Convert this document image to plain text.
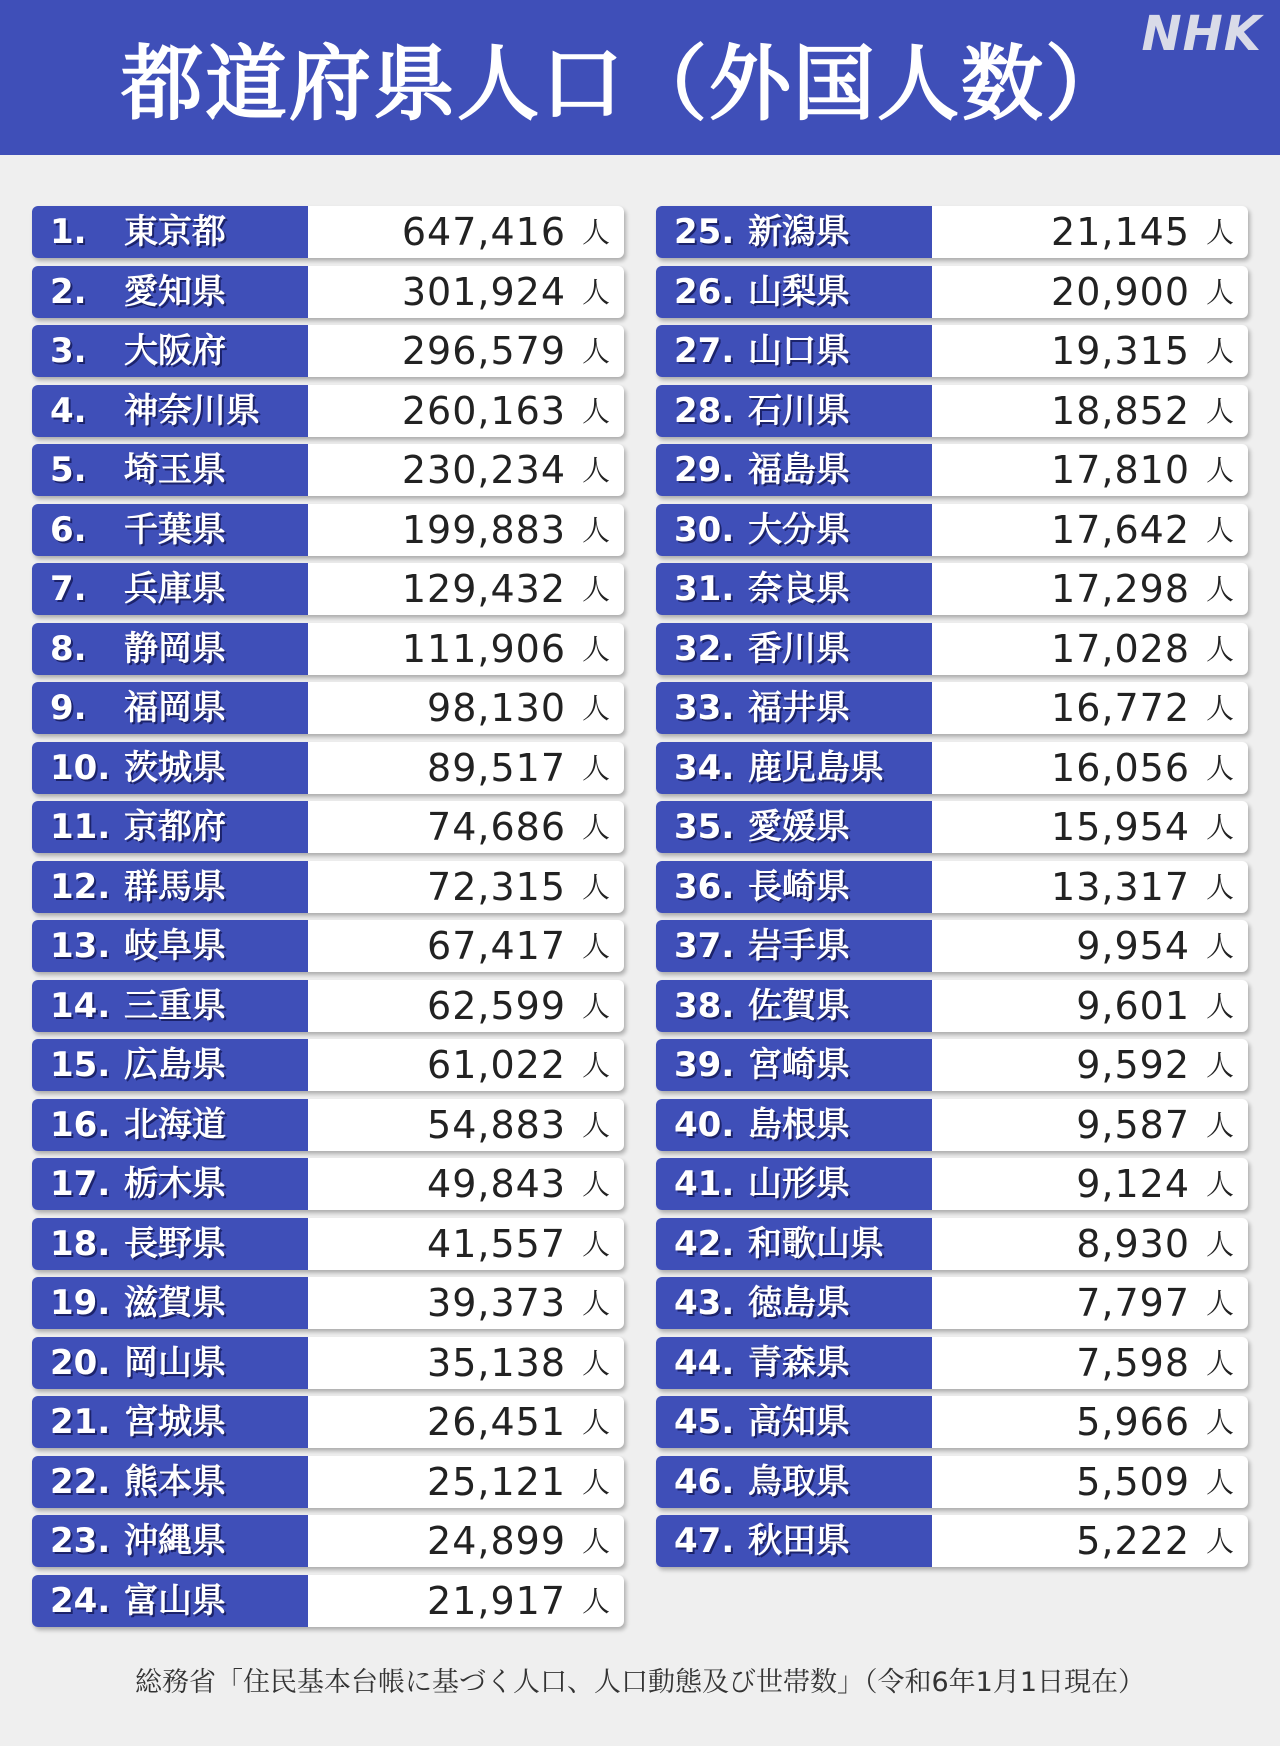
都道府県人口（外国人数）
NHK
1. 東京都	647,416 人
2. 愛知県	301,924 人
3. 大阪府	296,579 人
4. 神奈川県	260,163 人
5. 埼玉県	230,234 人
6. 千葉県	199,883 人
7. 兵庫県	129,432 人
8. 静岡県	111,906 人
9. 福岡県	98,130 人
10. 茨城県	89,517 人
11. 京都府	74,686 人
12. 群馬県	72,315 人
13. 岐阜県	67,417 人
14. 三重県	62,599 人
15. 広島県	61,022 人
16. 北海道	54,883 人
17. 栃木県	49,843 人
18. 長野県	41,557 人
19. 滋賀県	39,373 人
20. 岡山県	35,138 人
21. 宮城県	26,451 人
22. 熊本県	25,121 人
23. 沖縄県	24,899 人
24. 富山県	21,917 人
25. 新潟県	21,145 人
26. 山梨県	20,900 人
27. 山口県	19,315 人
28. 石川県	18,852 人
29. 福島県	17,810 人
30. 大分県	17,642 人
31. 奈良県	17,298 人
32. 香川県	17,028 人
33. 福井県	16,772 人
34. 鹿児島県	16,056 人
35. 愛媛県	15,954 人
36. 長崎県	13,317 人
37. 岩手県	9,954 人
38. 佐賀県	9,601 人
39. 宮崎県	9,592 人
40. 島根県	9,587 人
41. 山形県	9,124 人
42. 和歌山県	8,930 人
43. 徳島県	7,797 人
44. 青森県	7,598 人
45. 高知県	5,966 人
46. 鳥取県	5,509 人
47. 秋田県	5,222 人
総務省「住民基本台帳に基づく人口、人口動態及び世帯数」（令和6年1月1日現在）
